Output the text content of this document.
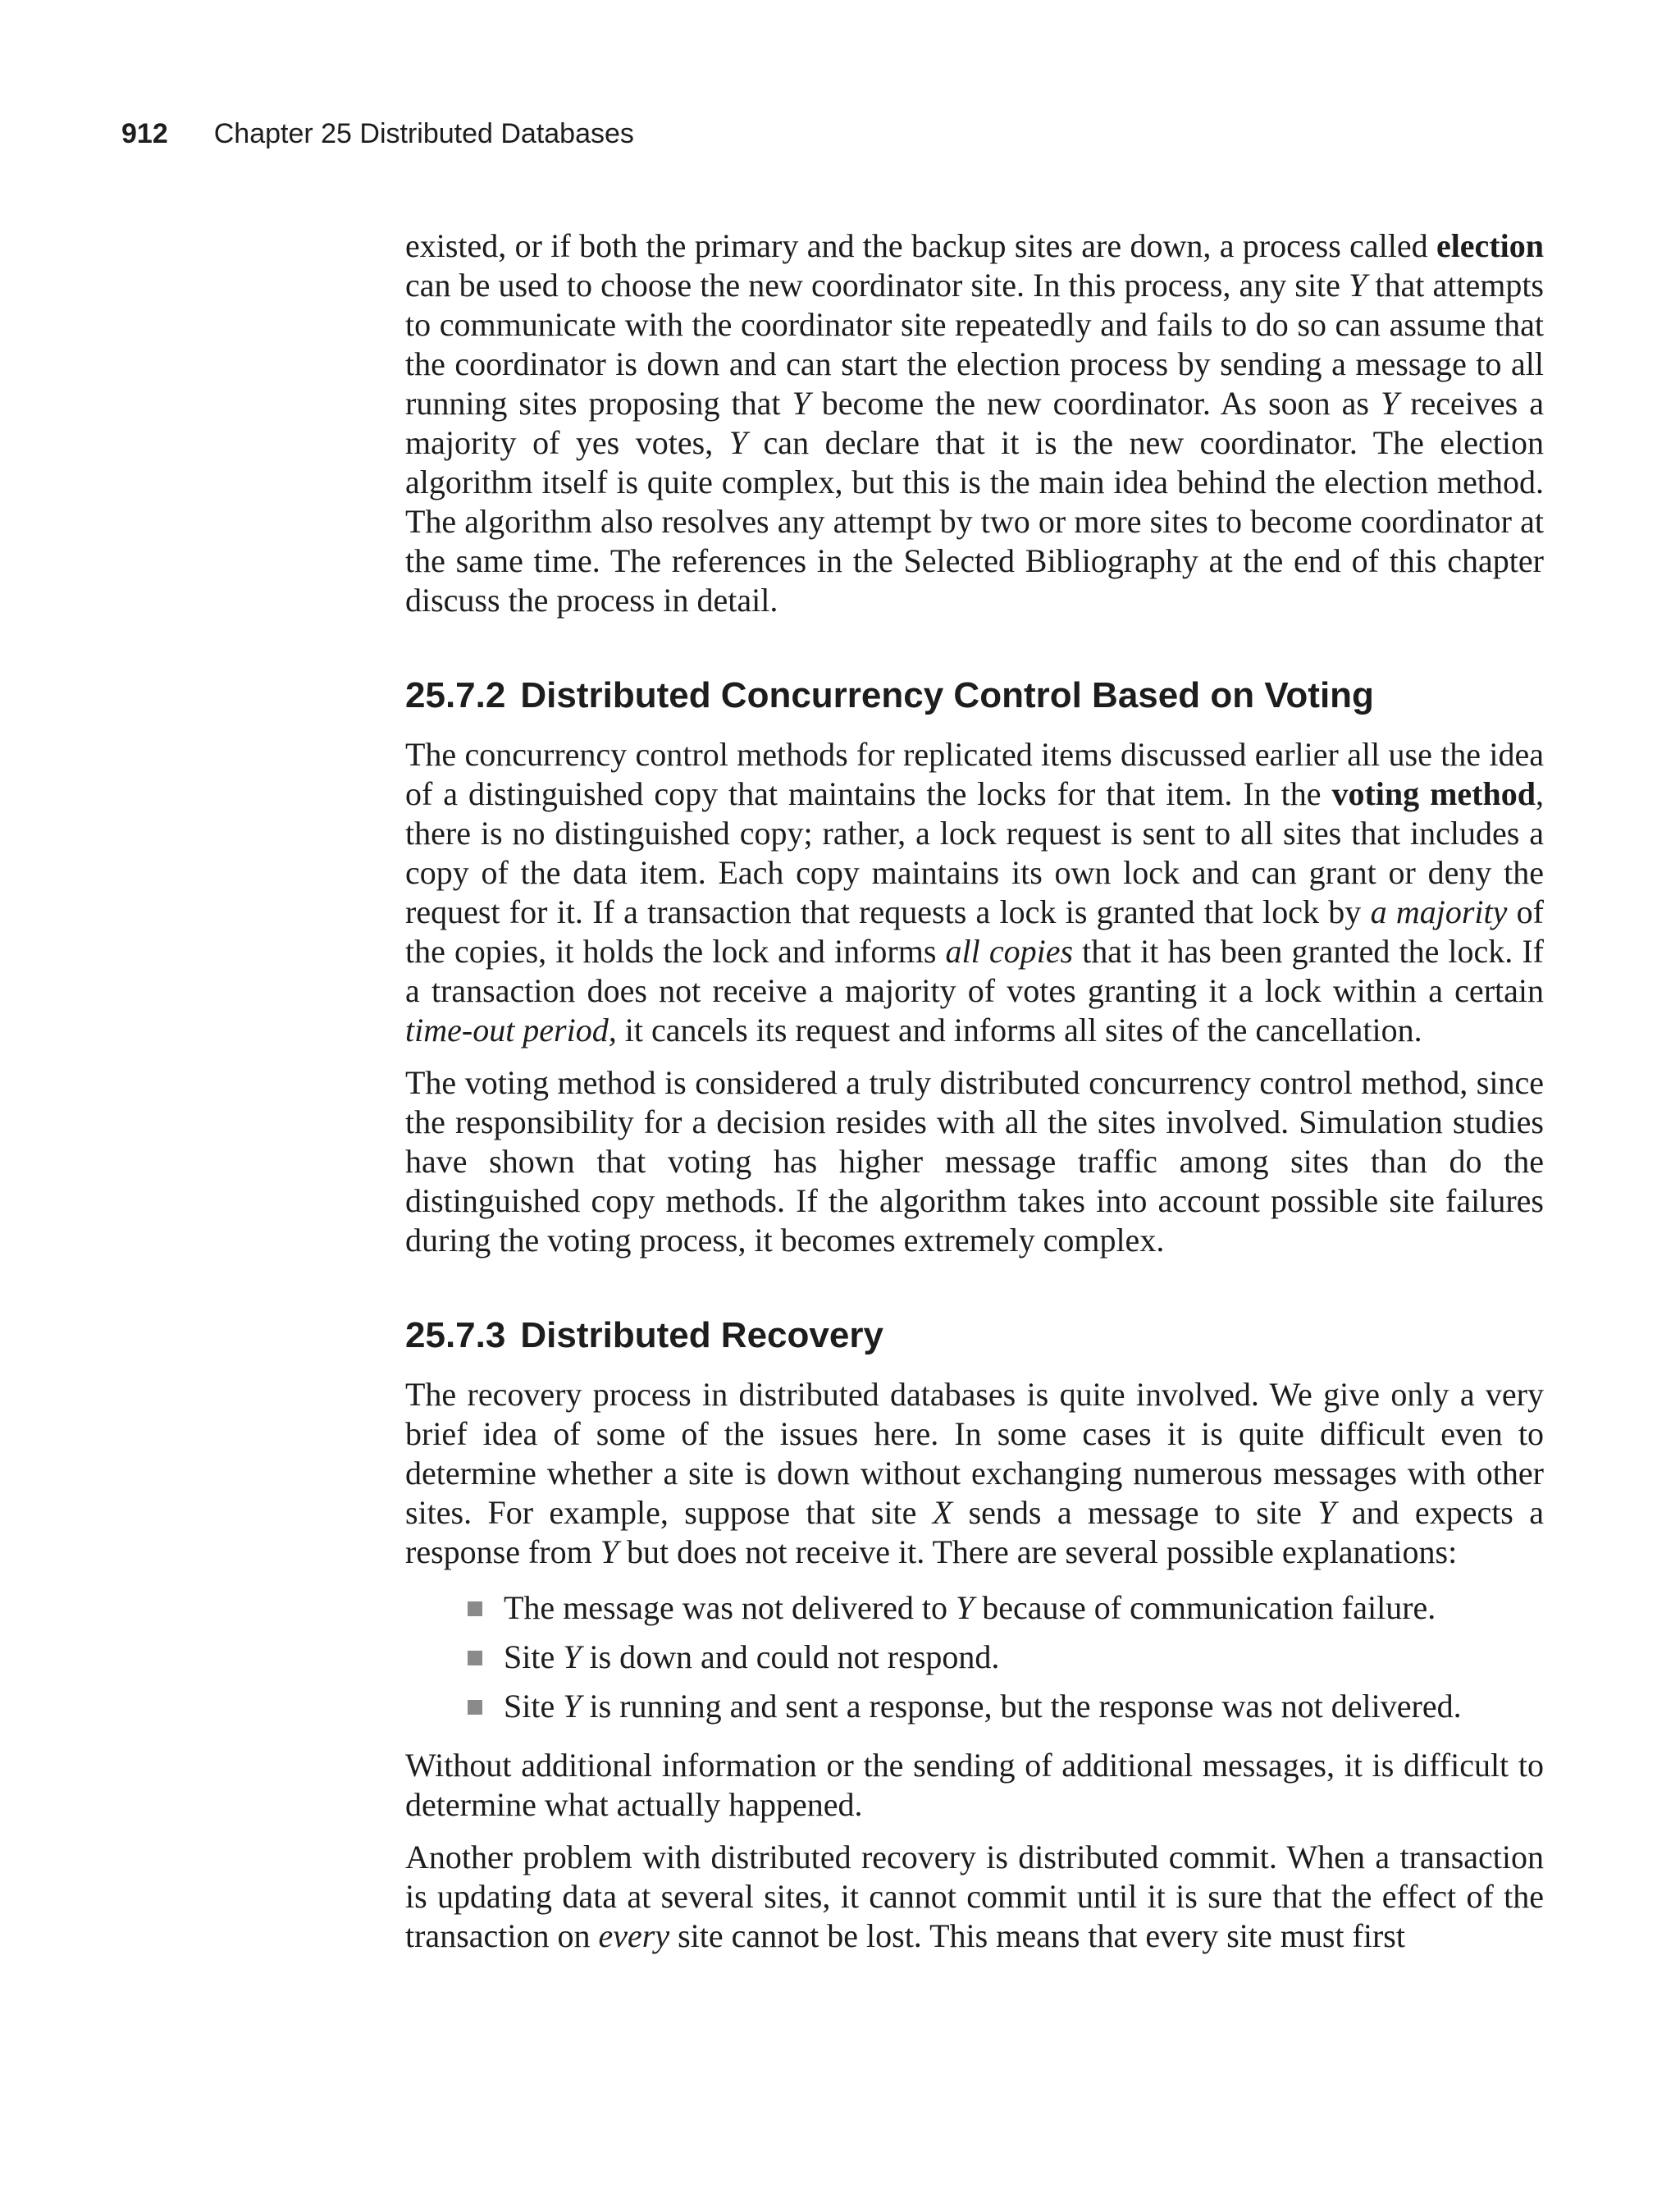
912 Chapter 25 Distributed Databases

existed, or if both the primary and the backup sites are down, a process called election can be used to choose the new coordinator site. In this process, any site Y that attempts to communicate with the coordinator site repeatedly and fails to do so can assume that the coordinator is down and can start the election process by sending a message to all running sites proposing that Y become the new coordinator. As soon as Y receives a majority of yes votes, Y can declare that it is the new coordinator. The election algorithm itself is quite complex, but this is the main idea behind the election method. The algorithm also resolves any attempt by two or more sites to become coordinator at the same time. The references in the Selected Bibliography at the end of this chapter discuss the process in detail.

25.7.2 Distributed Concurrency Control Based on Voting

The concurrency control methods for replicated items discussed earlier all use the idea of a distinguished copy that maintains the locks for that item. In the voting method, there is no distinguished copy; rather, a lock request is sent to all sites that includes a copy of the data item. Each copy maintains its own lock and can grant or deny the request for it. If a transaction that requests a lock is granted that lock by a majority of the copies, it holds the lock and informs all copies that it has been granted the lock. If a transaction does not receive a majority of votes granting it a lock within a certain time-out period, it cancels its request and informs all sites of the cancellation.

The voting method is considered a truly distributed concurrency control method, since the responsibility for a decision resides with all the sites involved. Simulation studies have shown that voting has higher message traffic among sites than do the distinguished copy methods. If the algorithm takes into account possible site failures during the voting process, it becomes extremely complex.

25.7.3 Distributed Recovery

The recovery process in distributed databases is quite involved. We give only a very brief idea of some of the issues here. In some cases it is quite difficult even to determine whether a site is down without exchanging numerous messages with other sites. For example, suppose that site X sends a message to site Y and expects a response from Y but does not receive it. There are several possible explanations:

The message was not delivered to Y because of communication failure.
Site Y is down and could not respond.
Site Y is running and sent a response, but the response was not delivered.

Without additional information or the sending of additional messages, it is difficult to determine what actually happened.

Another problem with distributed recovery is distributed commit. When a transaction is updating data at several sites, it cannot commit until it is sure that the effect of the transaction on every site cannot be lost. This means that every site must first
